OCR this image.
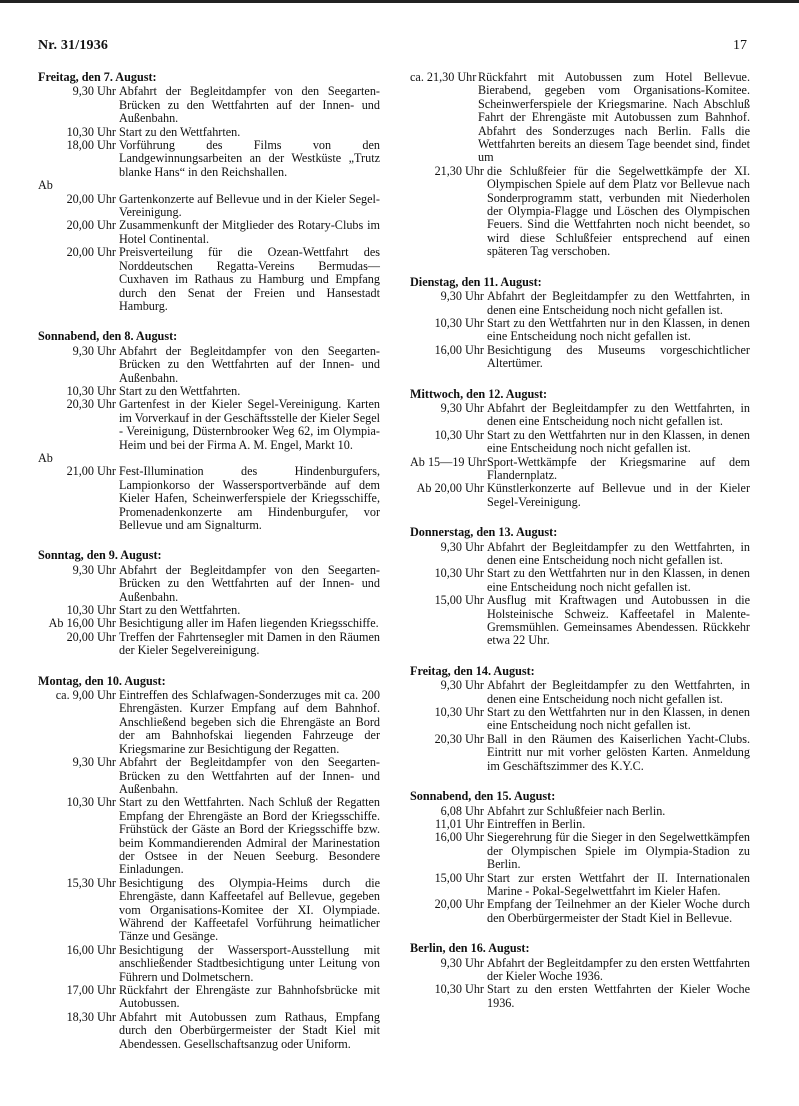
Nr. 31/1936	17
Freitag, den 7. August:
9,30 Uhr Abfahrt der Begleitdampfer von den Seegarten-Brücken zu den Wettfahrten auf der Innen- und Außenbahn.
10,30 Uhr Start zu den Wettfahrten.
18,00 Uhr Vorführung des Films von den Landgewinnungsarbeiten an der Westküste „Trutz blanke Hans“ in den Reichshallen.
Ab
20,00 Uhr Gartenkonzerte auf Bellevue und in der Kieler Segel-Vereinigung.
20,00 Uhr Zusammenkunft der Mitglieder des Rotary-Clubs im Hotel Continental.
20,00 Uhr Preisverteilung für die Ozean-Wettfahrt des Norddeutschen Regatta-Vereins Bermudas—Cuxhaven im Rathaus zu Hamburg und Empfang durch den Senat der Freien und Hansestadt Hamburg.
Sonnabend, den 8. August:
9,30 Uhr Abfahrt der Begleitdampfer von den Seegarten-Brücken zu den Wettfahrten auf der Innen- und Außenbahn.
10,30 Uhr Start zu den Wettfahrten.
20,30 Uhr Gartenfest in der Kieler Segel-Vereinigung. Karten im Vorverkauf in der Geschäftsstelle der Kieler Segel - Vereinigung, Düsternbrooker Weg 62, im Olympia-Heim und bei der Firma A. M. Engel, Markt 10.
Ab
21,00 Uhr Fest-Illumination des Hindenburgufers, Lampionkorso der Wassersportverbände auf dem Kieler Hafen, Scheinwerferspiele der Kriegsschiffe, Promenadenkonzerte am Hindenburgufer, vor Bellevue und am Signalturm.
Sonntag, den 9. August:
9,30 Uhr Abfahrt der Begleitdampfer von den Seegarten-Brücken zu den Wettfahrten auf der Innen- und Außenbahn.
10,30 Uhr Start zu den Wettfahrten.
Ab 16,00 Uhr Besichtigung aller im Hafen liegenden Kriegsschiffe.
20,00 Uhr Treffen der Fahrtensegler mit Damen in den Räumen der Kieler Segelvereinigung.
Montag, den 10. August:
ca. 9,00 Uhr Eintreffen des Schlafwagen-Sonderzuges mit ca. 200 Ehrengästen. Kurzer Empfang auf dem Bahnhof. Anschließend begeben sich die Ehrengäste an Bord der am Bahnhofskai liegenden Fahrzeuge der Kriegsmarine zur Besichtigung der Regatten.
9,30 Uhr Abfahrt der Begleitdampfer von den Seegarten-Brücken zu den Wettfahrten auf der Innen- und Außenbahn.
10,30 Uhr Start zu den Wettfahrten. Nach Schluß der Regatten Empfang der Ehrengäste an Bord der Kriegsschiffe. Frühstück der Gäste an Bord der Kriegsschiffe bzw. beim Kommandierenden Admiral der Marinestation der Ostsee in der Neuen Seeburg. Besondere Einladungen.
15,30 Uhr Besichtigung des Olympia-Heims durch die Ehrengäste, dann Kaffeetafel auf Bellevue, gegeben vom Organisations-Komitee der XI. Olympiade. Während der Kaffeetafel Vorführung heimatlicher Tänze und Gesänge.
16,00 Uhr Besichtigung der Wassersport-Ausstellung mit anschließender Stadtbesichtigung unter Leitung von Führern und Dolmetschern.
17,00 Uhr Rückfahrt der Ehrengäste zur Bahnhofsbrücke mit Autobussen.
18,30 Uhr Abfahrt mit Autobussen zum Rathaus, Empfang durch den Oberbürgermeister der Stadt Kiel mit Abendessen. Gesellschaftsanzug oder Uniform.
ca. 21,30 Uhr Rückfahrt mit Autobussen zum Hotel Bellevue. Bierabend, gegeben vom Organisations-Komitee. Scheinwerferspiele der Kriegsmarine. Nach Abschluß Fahrt der Ehrengäste mit Autobussen zum Bahnhof. Abfahrt des Sonderzuges nach Berlin. Falls die Wettfahrten bereits an diesem Tage beendet sind, findet um
21,30 Uhr die Schlußfeier für die Segelwettkämpfe der XI. Olympischen Spiele auf dem Platz vor Bellevue nach Sonderprogramm statt, verbunden mit Niederholen der Olympia-Flagge und Löschen des Olympischen Feuers. Sind die Wettfahrten noch nicht beendet, so wird diese Schlußfeier entsprechend auf einen späteren Tag verschoben.
Dienstag, den 11. August:
9,30 Uhr Abfahrt der Begleitdampfer zu den Wettfahrten, in denen eine Entscheidung noch nicht gefallen ist.
10,30 Uhr Start zu den Wettfahrten nur in den Klassen, in denen eine Entscheidung noch nicht gefallen ist.
16,00 Uhr Besichtigung des Museums vorgeschichtlicher Altertümer.
Mittwoch, den 12. August:
9,30 Uhr Abfahrt der Begleitdampfer zu den Wettfahrten, in denen eine Entscheidung noch nicht gefallen ist.
10,30 Uhr Start zu den Wettfahrten nur in den Klassen, in denen eine Entscheidung noch nicht gefallen ist.
Ab 15—19 Uhr Sport-Wettkämpfe der Kriegsmarine auf dem Flandernplatz.
Ab 20,00 Uhr Künstlerkonzerte auf Bellevue und in der Kieler Segel-Vereinigung.
Donnerstag, den 13. August:
9,30 Uhr Abfahrt der Begleitdampfer zu den Wettfahrten, in denen eine Entscheidung noch nicht gefallen ist.
10,30 Uhr Start zu den Wettfahrten nur in den Klassen, in denen eine Entscheidung noch nicht gefallen ist.
15,00 Uhr Ausflug mit Kraftwagen und Autobussen in die Holsteinische Schweiz. Kaffeetafel in Malente-Gremsmühlen. Gemeinsames Abendessen. Rückkehr etwa 22 Uhr.
Freitag, den 14. August:
9,30 Uhr Abfahrt der Begleitdampfer zu den Wettfahrten, in denen eine Entscheidung noch nicht gefallen ist.
10,30 Uhr Start zu den Wettfahrten nur in den Klassen, in denen eine Entscheidung noch nicht gefallen ist.
20,30 Uhr Ball in den Räumen des Kaiserlichen Yacht-Clubs. Eintritt nur mit vorher gelösten Karten. Anmeldung im Geschäftszimmer des K.Y.C.
Sonnabend, den 15. August:
6,08 Uhr Abfahrt zur Schlußfeier nach Berlin.
11,01 Uhr Eintreffen in Berlin.
16,00 Uhr Siegerehrung für die Sieger in den Segelwettkämpfen der Olympischen Spiele im Olympia-Stadion zu Berlin.
15,00 Uhr Start zur ersten Wettfahrt der II. Internationalen Marine - Pokal-Segelwettfahrt im Kieler Hafen.
20,00 Uhr Empfang der Teilnehmer an der Kieler Woche durch den Oberbürgermeister der Stadt Kiel in Bellevue.
Berlin, den 16. August:
9,30 Uhr Abfahrt der Begleitdampfer zu den ersten Wettfahrten der Kieler Woche 1936.
10,30 Uhr Start zu den ersten Wettfahrten der Kieler Woche 1936.
